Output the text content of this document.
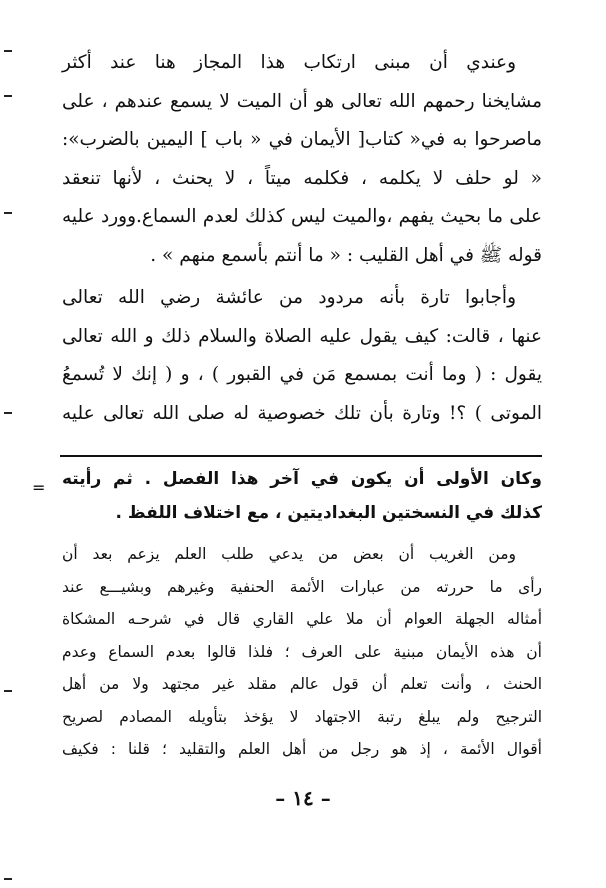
وعندي أن مبنى ارتكاب هذا المجاز هنا عند أكثر
مشايخنا رحمهم الله تعالى هو أن الميت لا يسمع عندهم ، على
ماصرحوا به في« كتاب[ الأيمان في « باب ] اليمين بالضرب»:
« لو حلف لا يكلمه ، فكلمه ميتاً ، لا يحنث ، لأنها تنعقد
على ما بحيث يفهم ،والميت ليس كذلك لعدم السماع.وورد عليه
قوله ﷺ في أهل القليب : « ما أنتم بأسمع منهم » .
وأجابوا تارة بأنه مردود من عائشة رضي الله تعالى
عنها ، قالت: كيف يقول عليه الصلاة والسلام ذلك و الله تعالى
يقول : ( وما أنت بمسمع مَن في القبور ) ، و ( إنك لا تُسمعُ
الموتى ) ؟! وتارة بأن تلك خصوصية له صلى الله تعالى عليه
= وكان الأولى أن يكون في آخر هذا الفصل . ثم رأيته
كذلك في النسختين البغداديتين ، مع اختلاف اللفظ .
ومن الغريب أن بعض من يدعي طلب العلم يزعم بعد أن
رأى ما حررته من عبارات الأئمة الحنفية وغيرهم وبشيـــع عند
أمثاله الجهلة العوام أن ملا علي القاري قال في شرحـه المشكاة
أن هذه الأيمان مبنية على العرف ؛ فلذا قالوا بعدم السماع وعدم
الحنث ، وأنت تعلم أن قول عالم مقلد غير مجتهد ولا من أهل
الترجيح ولم يبلغ رتبة الاجتهاد لا يؤخذ بتأويله المصادم لصريح
أقوال الأئمة ، إذ هو رجل من أهل العلم والتقليد ؛ قلنا : فكيف
– ١٤ –
